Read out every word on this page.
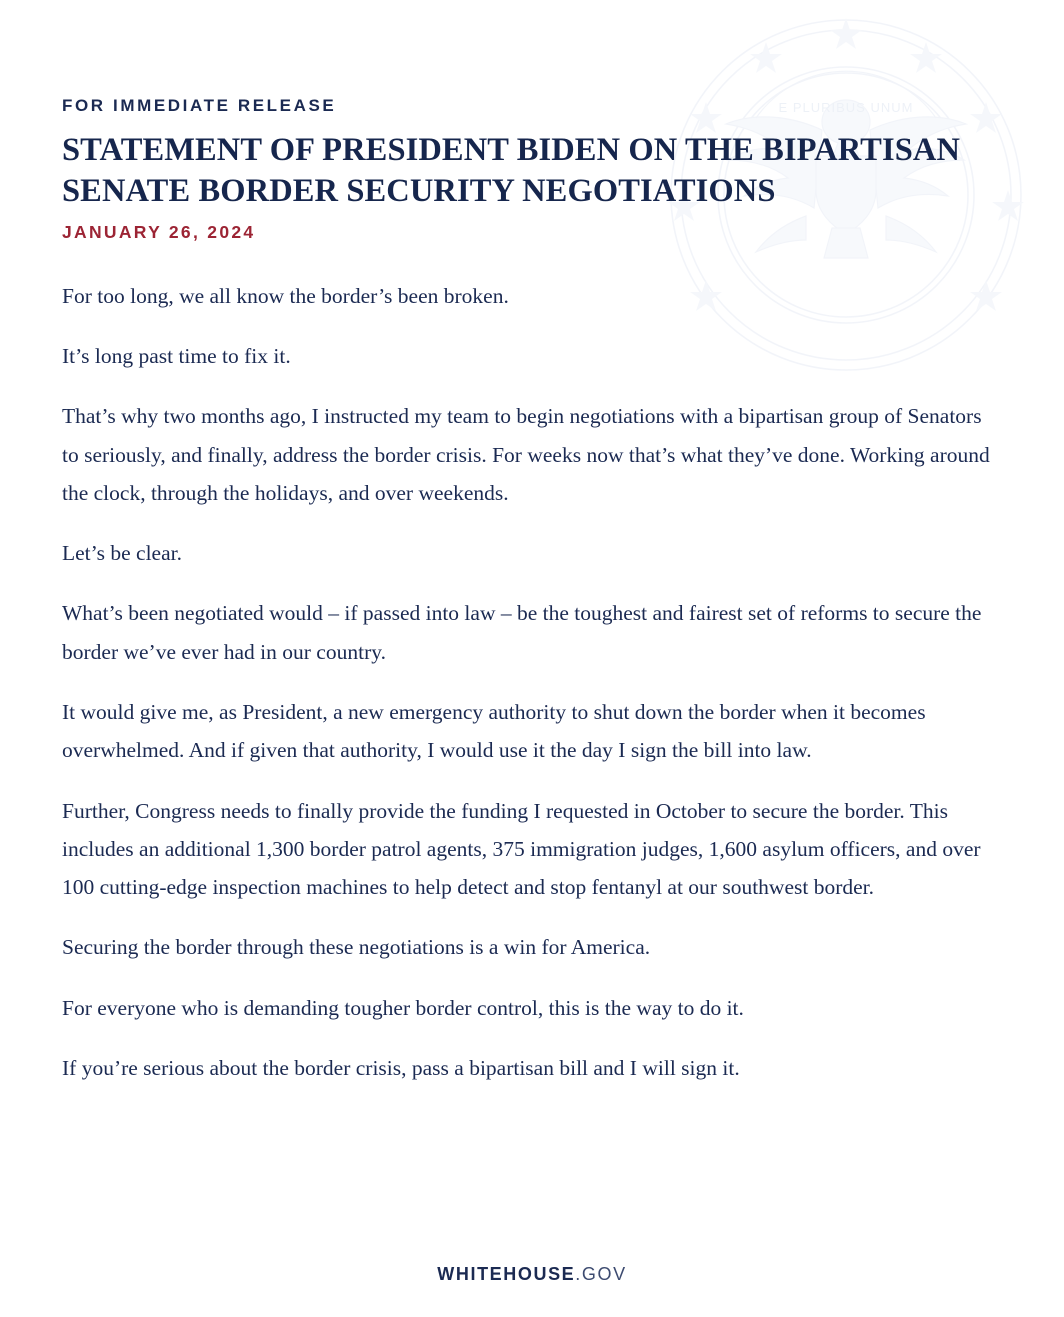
E PLURIBUS UNUM
FOR IMMEDIATE RELEASE
STATEMENT OF PRESIDENT BIDEN ON THE BIPARTISAN SENATE BORDER SECURITY NEGOTIATIONS
JANUARY 26, 2024

For too long, we all know the border’s been broken.

It’s long past time to fix it.

That’s why two months ago, I instructed my team to begin negotiations with a bipartisan group of Senators to seriously, and finally, address the border crisis. For weeks now that’s what they’ve done. Working around the clock, through the holidays, and over weekends.

Let’s be clear.

What’s been negotiated would – if passed into law – be the toughest and fairest set of reforms to secure the border we’ve ever had in our country.

It would give me, as President, a new emergency authority to shut down the border when it becomes overwhelmed. And if given that authority, I would use it the day I sign the bill into law.

Further, Congress needs to finally provide the funding I requested in October to secure the border. This includes an additional 1,300 border patrol agents, 375 immigration judges, 1,600 asylum officers, and over 100 cutting-edge inspection machines to help detect and stop fentanyl at our southwest border.

Securing the border through these negotiations is a win for America.

For everyone who is demanding tougher border control, this is the way to do it.

If you’re serious about the border crisis, pass a bipartisan bill and I will sign it.

WHITEHOUSE.GOV
